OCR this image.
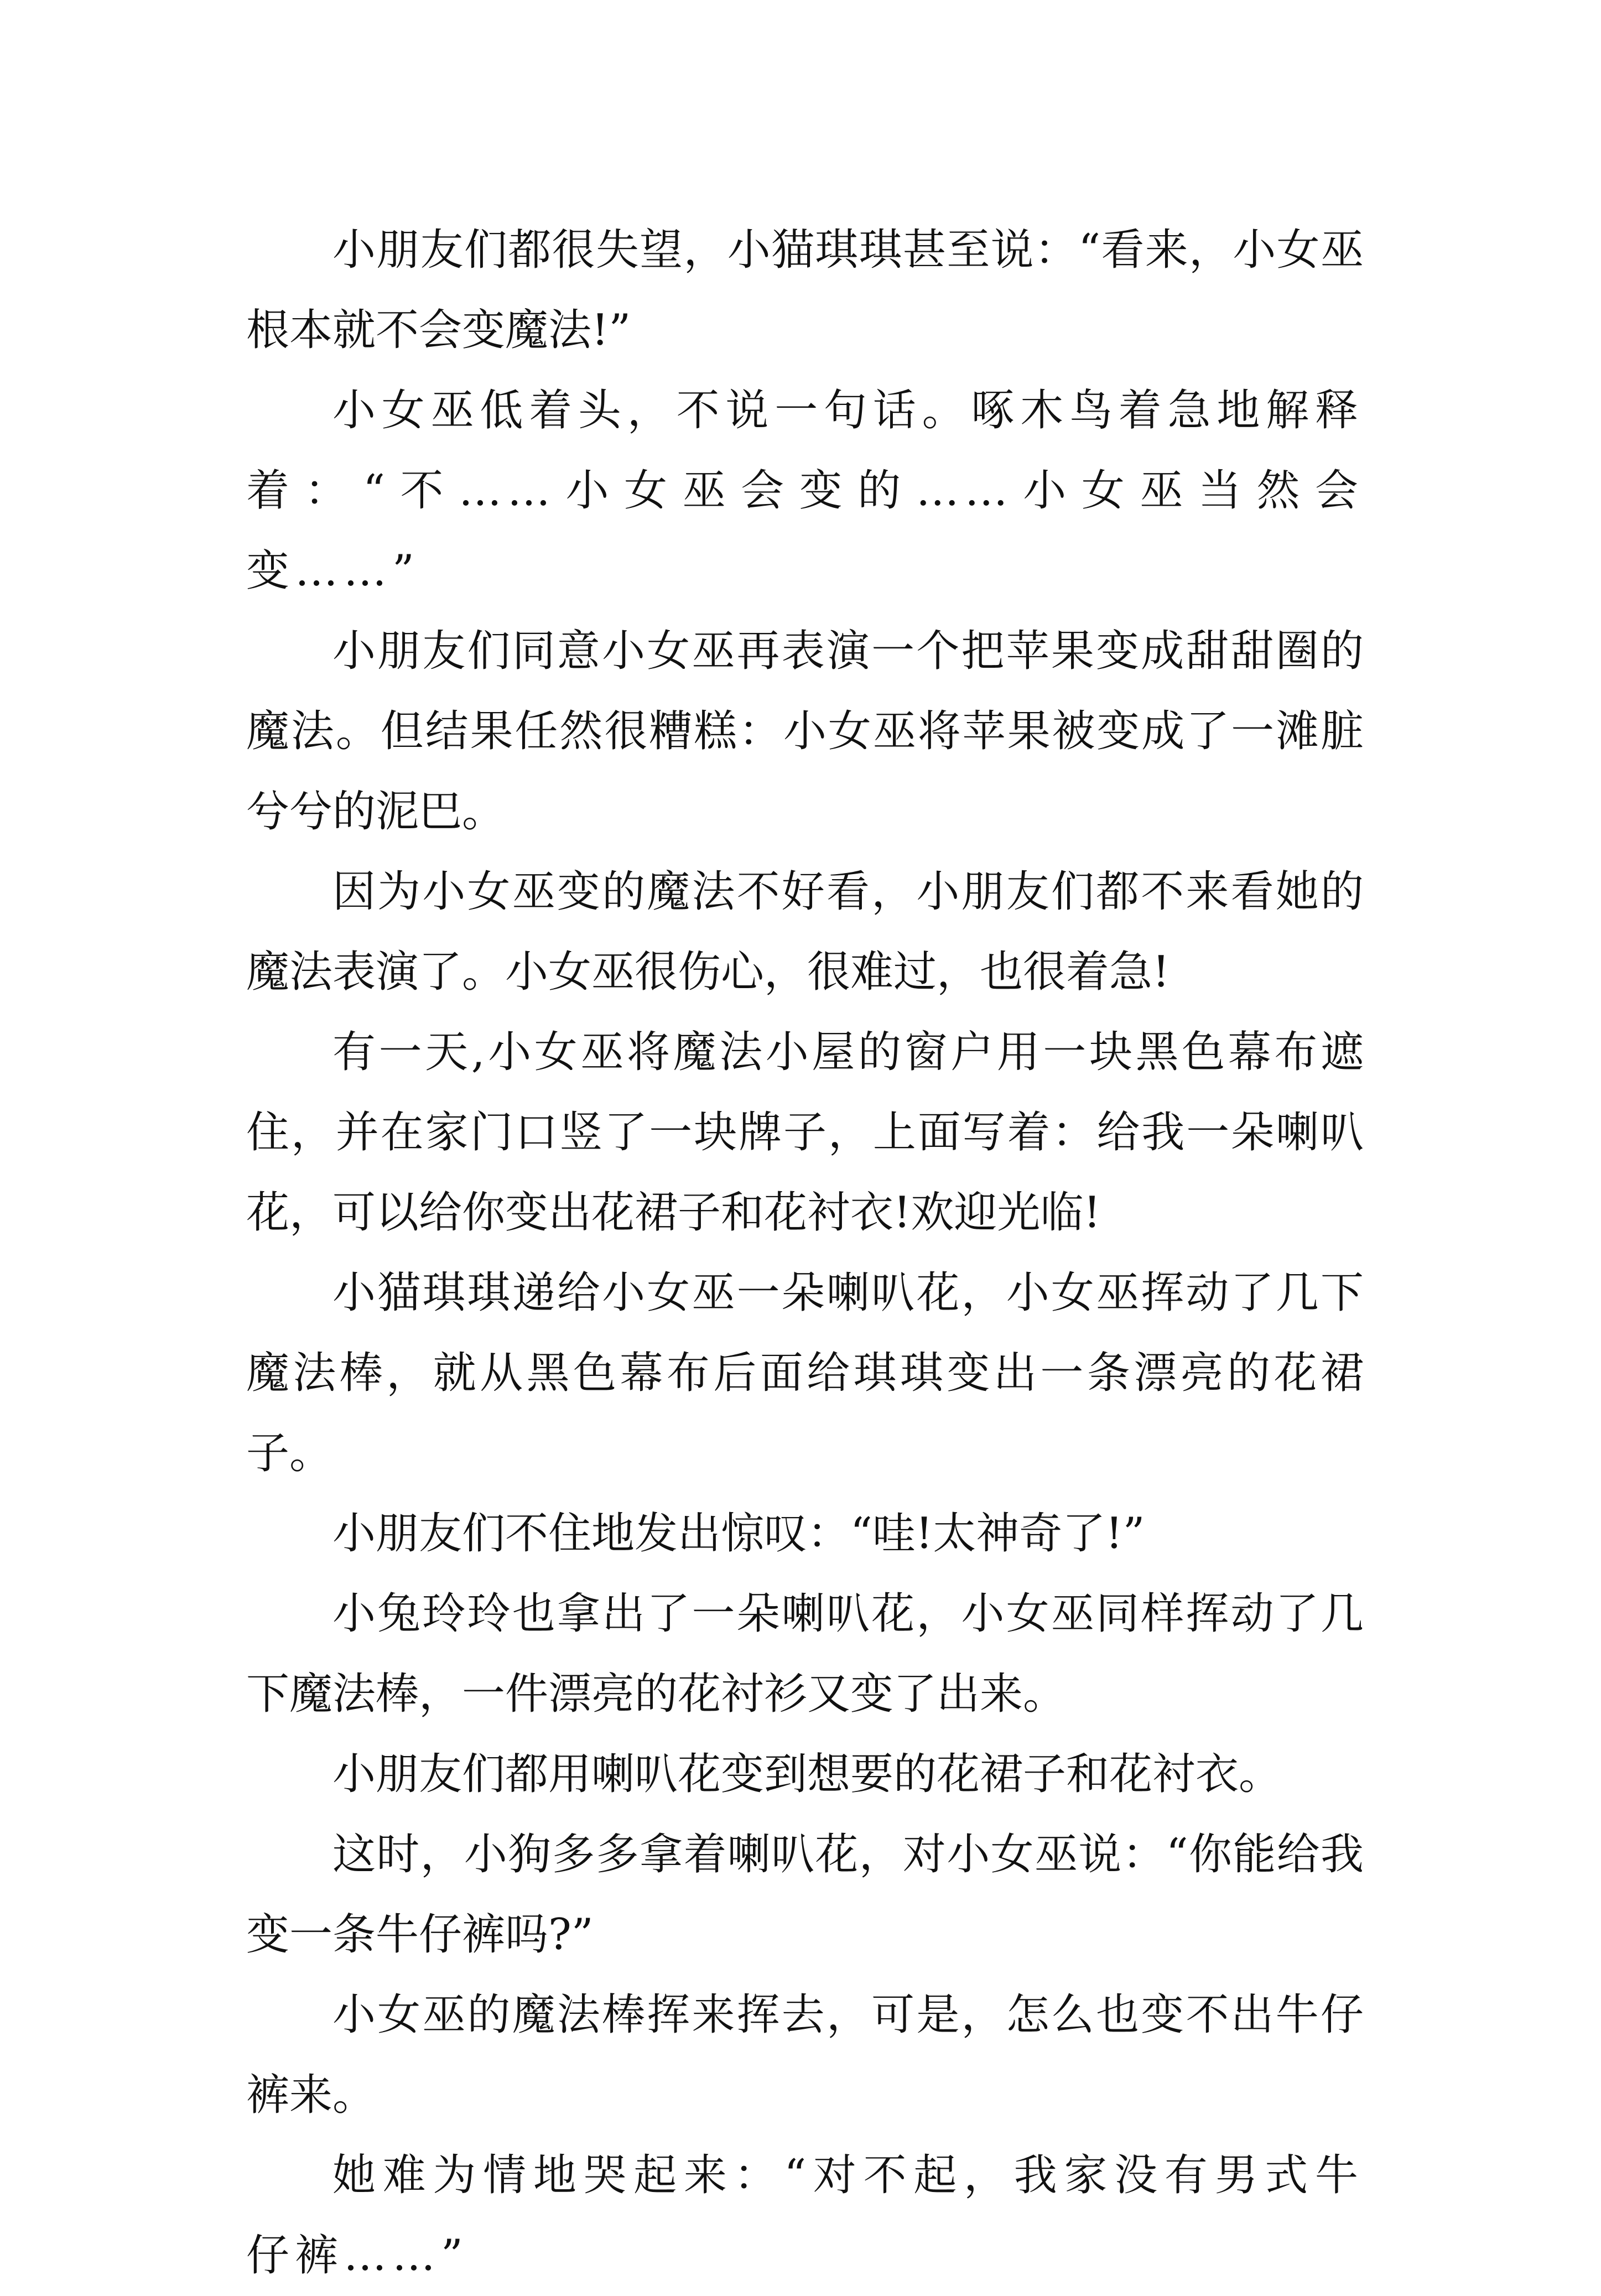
小朋友们都很失望，小猫琪琪甚至说：“看来，小女巫根本就不会变魔法!”

小女巫低着头，不说一句话。啄木鸟着急地解释着：“不……小女巫会变的……小女巫当然会变……”

小朋友们同意小女巫再表演一个把苹果变成甜甜圈的魔法。但结果任然很糟糕：小女巫将苹果被变成了一滩脏兮兮的泥巴。

因为小女巫变的魔法不好看，小朋友们都不来看她的魔法表演了。小女巫很伤心，很难过，也很着急!

有一天,小女巫将魔法小屋的窗户用一块黑色幕布遮住，并在家门口竖了一块牌子，上面写着：给我一朵喇叭花，可以给你变出花裙子和花衬衣!欢迎光临!

小猫琪琪递给小女巫一朵喇叭花，小女巫挥动了几下魔法棒，就从黑色幕布后面给琪琪变出一条漂亮的花裙子。

小朋友们不住地发出惊叹：“哇!太神奇了!”

小兔玲玲也拿出了一朵喇叭花，小女巫同样挥动了几下魔法棒，一件漂亮的花衬衫又变了出来。

小朋友们都用喇叭花变到想要的花裙子和花衬衣。

这时，小狗多多拿着喇叭花，对小女巫说：“你能给我变一条牛仔裤吗?”

小女巫的魔法棒挥来挥去，可是，怎么也变不出牛仔裤来。

她难为情地哭起来：“对不起，我家没有男式牛仔裤……”
